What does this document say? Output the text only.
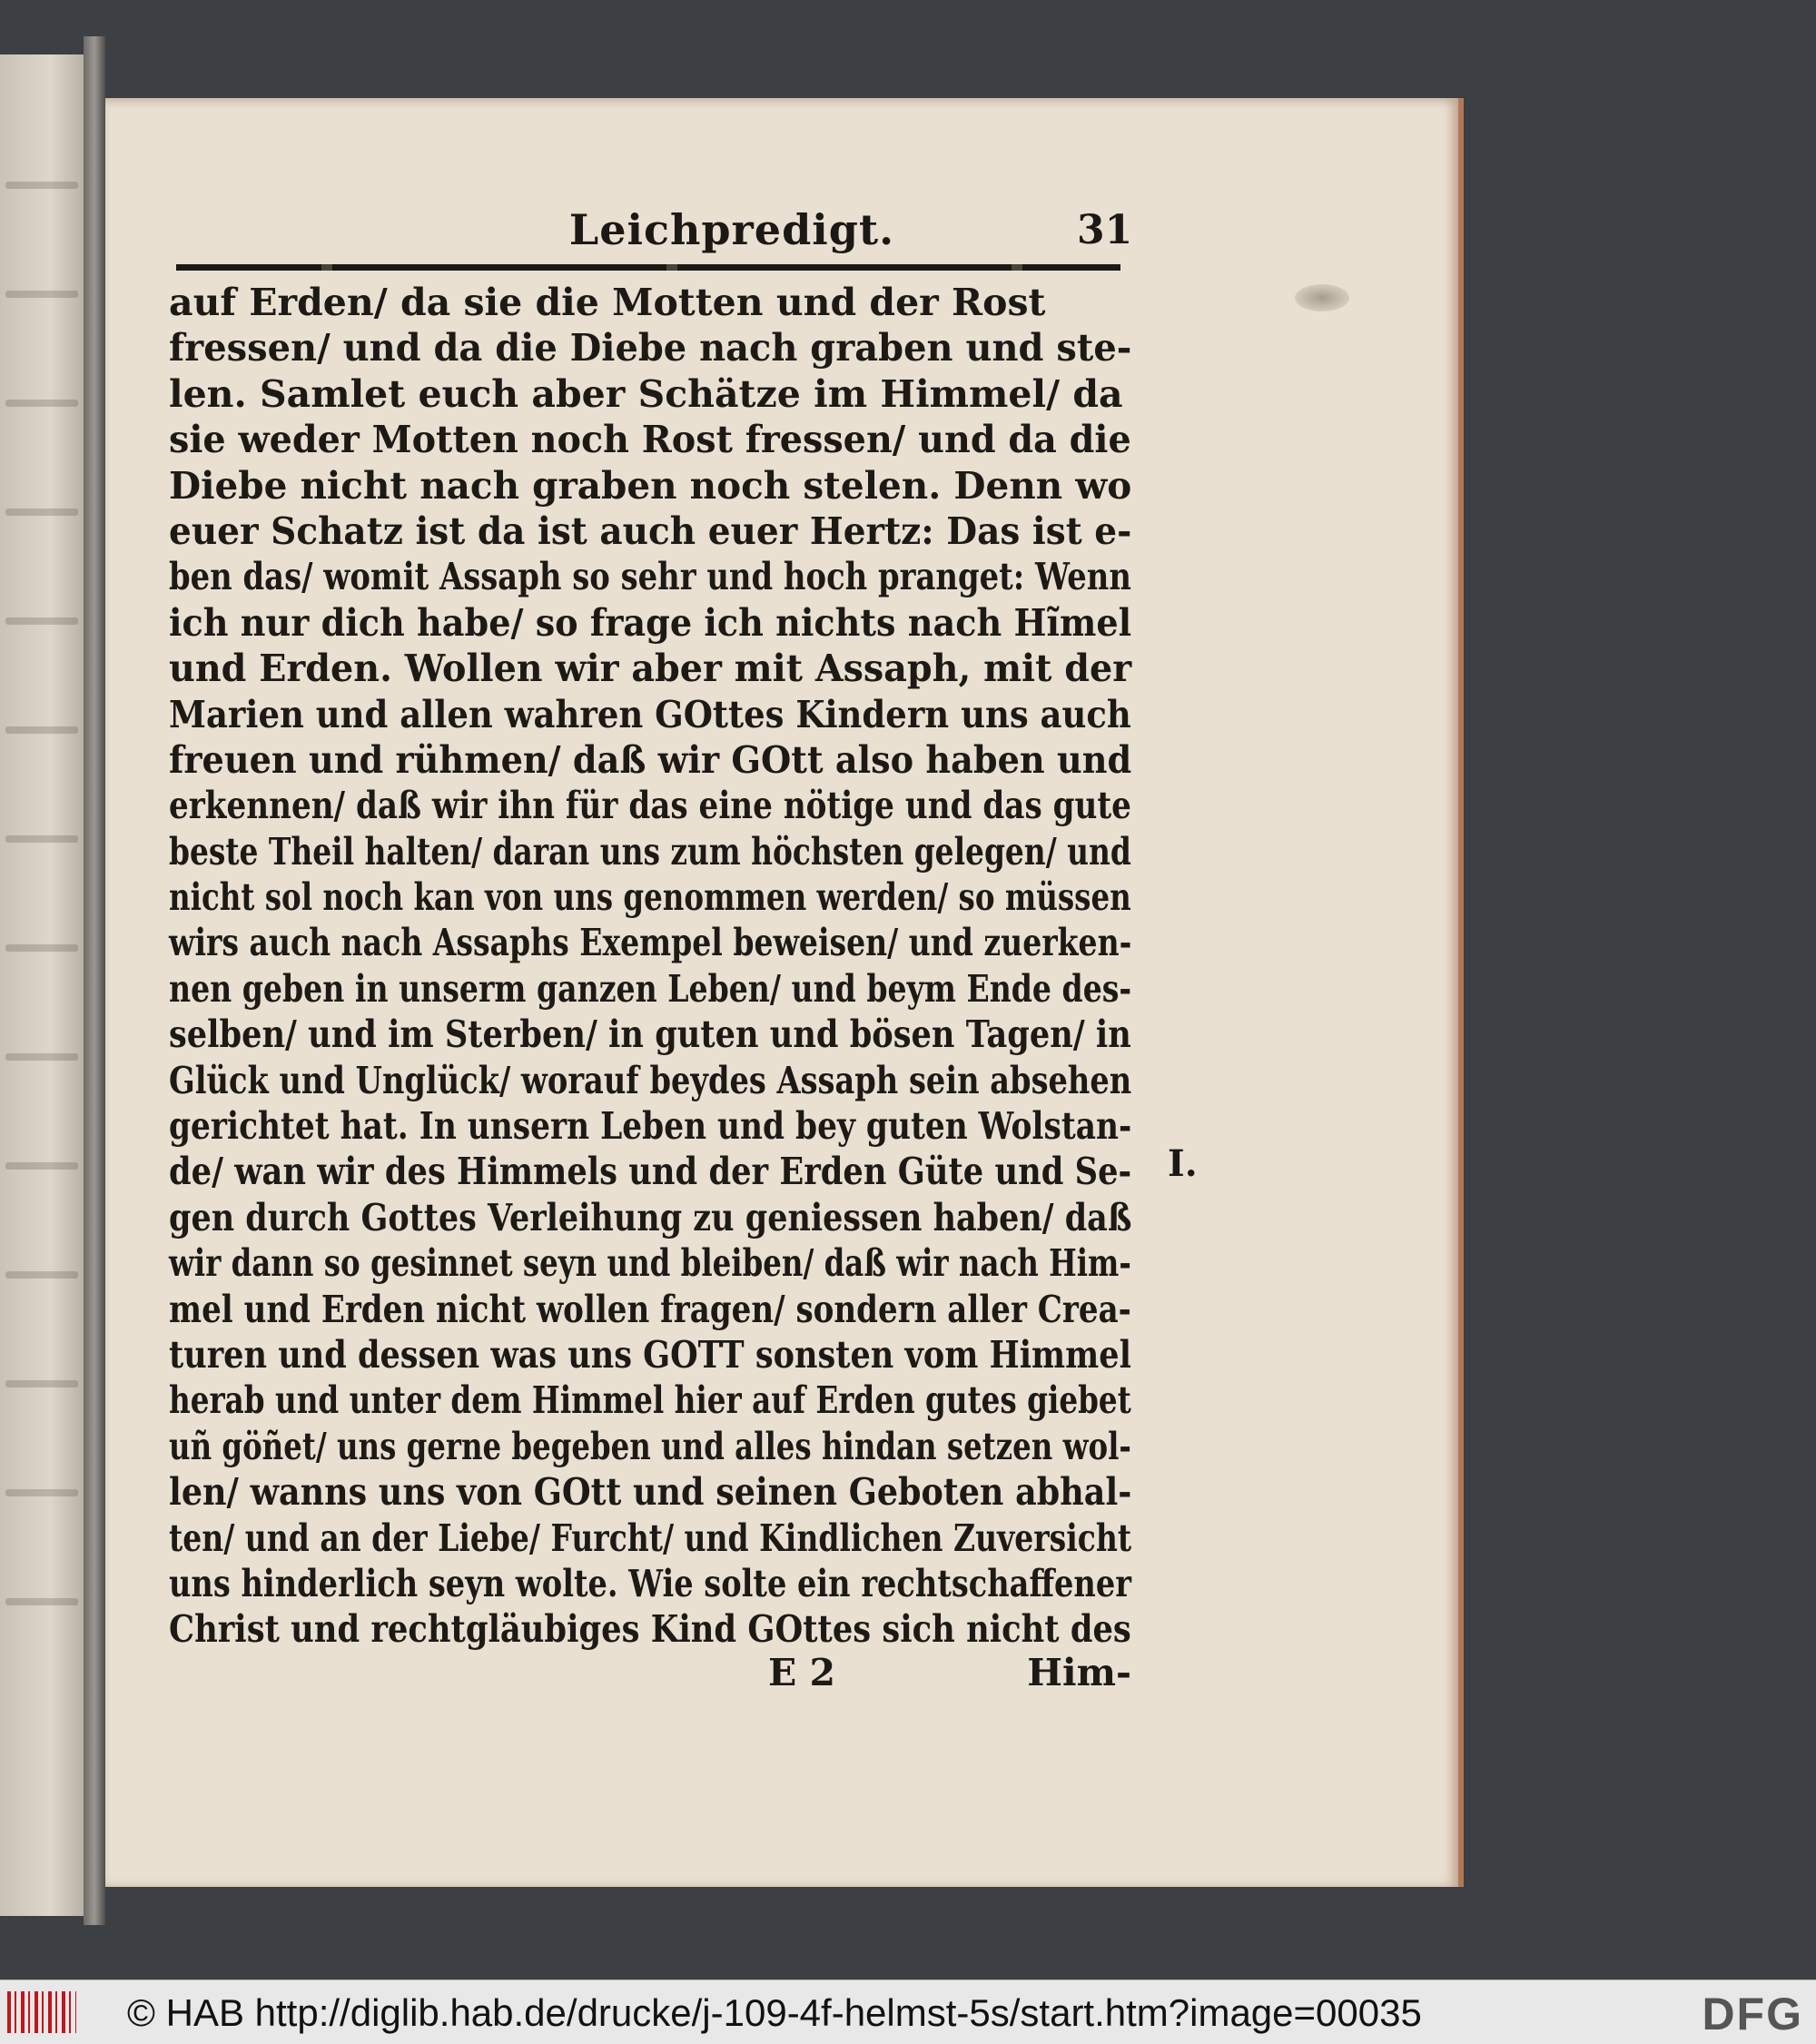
Leichpredigt.	31
auf Erden/ da sie die Motten und der Rost
fressen/ und da die Diebe nach graben und ste-
len. Samlet euch aber Schätze im Himmel/ da
sie weder Motten noch Rost fressen/ und da die
Diebe nicht nach graben noch stelen. Denn wo
euer Schatz ist da ist auch euer Hertz: Das ist e-
ben das/ womit Assaph so sehr und hoch pranget: Wenn
ich nur dich habe/ so frage ich nichts nach Hĩmel
und Erden. Wollen wir aber mit Assaph, mit der
Marien und allen wahren GOttes Kindern uns auch
freuen und rühmen/ daß wir GOtt also haben und
erkennen/ daß wir ihn für das eine nötige und das gute
beste Theil halten/ daran uns zum höchsten gelegen/ und
nicht sol noch kan von uns genommen werden/ so müssen
wirs auch nach Assaphs Exempel beweisen/ und zuerken-
nen geben in unserm ganzen Leben/ und beym Ende des-
selben/ und im Sterben/ in guten und bösen Tagen/ in
Glück und Unglück/ worauf beydes Assaph sein absehen
gerichtet hat. In unsern Leben und bey guten Wolstan-
de/ wan wir des Himmels und der Erden Güte und Se-
gen durch Gottes Verleihung zu geniessen haben/ daß
wir dann so gesinnet seyn und bleiben/ daß wir nach Him-
mel und Erden nicht wollen fragen/ sondern aller Crea-
turen und dessen was uns GOTT sonsten vom Himmel
herab und unter dem Himmel hier auf Erden gutes giebet
uñ göñet/ uns gerne begeben und alles hindan setzen wol-
len/ wanns uns von GOtt und seinen Geboten abhal-
ten/ und an der Liebe/ Furcht/ und Kindlichen Zuversicht
uns hinderlich seyn wolte. Wie solte ein rechtschaffener
Christ und rechtgläubiges Kind GOttes sich nicht des
E 2	Him-
I.
© HAB http://diglib.hab.de/drucke/j-109-4f-helmst-5s/start.htm?image=00035	DFG
